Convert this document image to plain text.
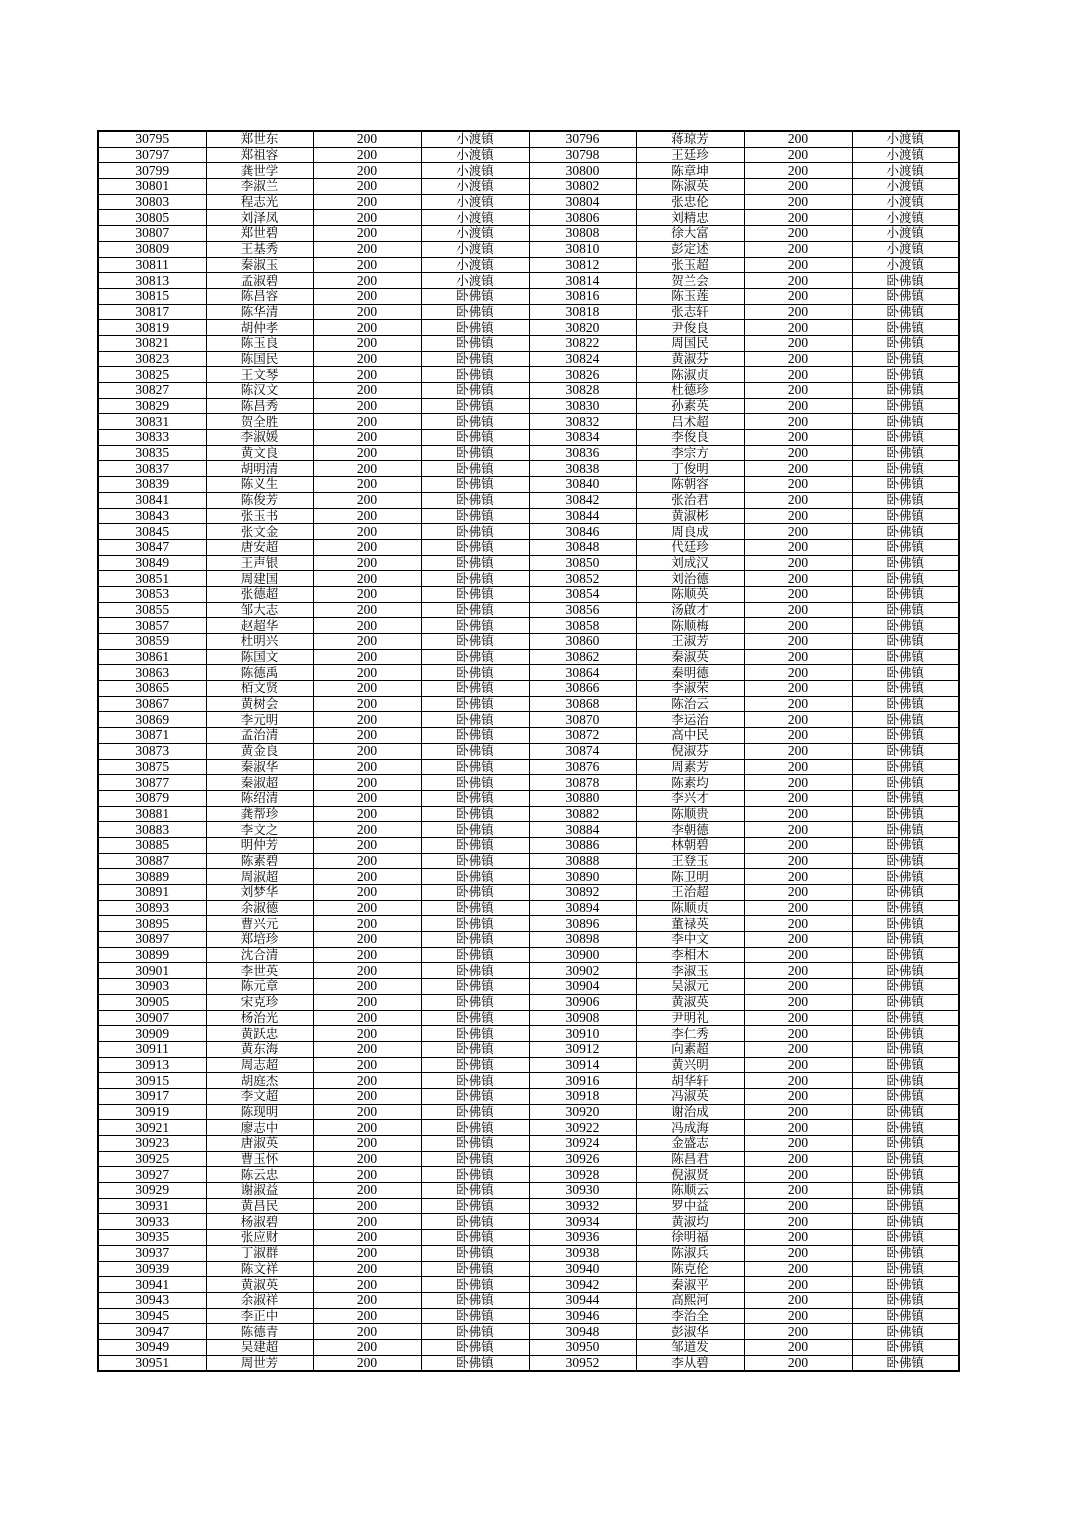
30795	郑世东	200	小渡镇	30796	蒋琼芳	200	小渡镇
30797	郑祖容	200	小渡镇	30798	王廷珍	200	小渡镇
30799	龚世学	200	小渡镇	30800	陈章坤	200	小渡镇
30801	李淑兰	200	小渡镇	30802	陈淑英	200	小渡镇
30803	程志光	200	小渡镇	30804	张忠伦	200	小渡镇
30805	刘泽凤	200	小渡镇	30806	刘精忠	200	小渡镇
30807	郑世碧	200	小渡镇	30808	徐大富	200	小渡镇
30809	王基秀	200	小渡镇	30810	彭定述	200	小渡镇
30811	秦淑玉	200	小渡镇	30812	张玉超	200	小渡镇
30813	孟淑碧	200	小渡镇	30814	贺兰会	200	卧佛镇
30815	陈昌容	200	卧佛镇	30816	陈玉莲	200	卧佛镇
30817	陈华清	200	卧佛镇	30818	张志轩	200	卧佛镇
30819	胡仲孝	200	卧佛镇	30820	尹俊良	200	卧佛镇
30821	陈玉良	200	卧佛镇	30822	周国民	200	卧佛镇
30823	陈国民	200	卧佛镇	30824	黄淑芬	200	卧佛镇
30825	王文琴	200	卧佛镇	30826	陈淑贞	200	卧佛镇
30827	陈汉文	200	卧佛镇	30828	杜德珍	200	卧佛镇
30829	陈昌秀	200	卧佛镇	30830	孙素英	200	卧佛镇
30831	贺全胜	200	卧佛镇	30832	吕术超	200	卧佛镇
30833	李淑媛	200	卧佛镇	30834	李俊良	200	卧佛镇
30835	黄文良	200	卧佛镇	30836	李宗方	200	卧佛镇
30837	胡明清	200	卧佛镇	30838	丁俊明	200	卧佛镇
30839	陈义生	200	卧佛镇	30840	陈朝容	200	卧佛镇
30841	陈俊芳	200	卧佛镇	30842	张治君	200	卧佛镇
30843	张玉书	200	卧佛镇	30844	黄淑彬	200	卧佛镇
30845	张文金	200	卧佛镇	30846	周良成	200	卧佛镇
30847	唐安超	200	卧佛镇	30848	代廷珍	200	卧佛镇
30849	王声银	200	卧佛镇	30850	刘成汉	200	卧佛镇
30851	周建国	200	卧佛镇	30852	刘治德	200	卧佛镇
30853	张德超	200	卧佛镇	30854	陈顺英	200	卧佛镇
30855	邹大志	200	卧佛镇	30856	汤啟才	200	卧佛镇
30857	赵超华	200	卧佛镇	30858	陈顺梅	200	卧佛镇
30859	杜明兴	200	卧佛镇	30860	王淑芳	200	卧佛镇
30861	陈国文	200	卧佛镇	30862	秦淑英	200	卧佛镇
30863	陈德禹	200	卧佛镇	30864	秦明德	200	卧佛镇
30865	栢文贤	200	卧佛镇	30866	李淑荣	200	卧佛镇
30867	黄树会	200	卧佛镇	30868	陈治云	200	卧佛镇
30869	李元明	200	卧佛镇	30870	李运治	200	卧佛镇
30871	孟治清	200	卧佛镇	30872	高中民	200	卧佛镇
30873	黄金良	200	卧佛镇	30874	倪淑芬	200	卧佛镇
30875	秦淑华	200	卧佛镇	30876	周素芳	200	卧佛镇
30877	秦淑超	200	卧佛镇	30878	陈素均	200	卧佛镇
30879	陈绍清	200	卧佛镇	30880	李兴才	200	卧佛镇
30881	龚帮珍	200	卧佛镇	30882	陈顺贵	200	卧佛镇
30883	李文之	200	卧佛镇	30884	李朝德	200	卧佛镇
30885	明仲芳	200	卧佛镇	30886	林朝碧	200	卧佛镇
30887	陈素碧	200	卧佛镇	30888	王登玉	200	卧佛镇
30889	周淑超	200	卧佛镇	30890	陈卫明	200	卧佛镇
30891	刘梦华	200	卧佛镇	30892	王治超	200	卧佛镇
30893	余淑德	200	卧佛镇	30894	陈顺贞	200	卧佛镇
30895	曹兴元	200	卧佛镇	30896	董禄英	200	卧佛镇
30897	郑培珍	200	卧佛镇	30898	李中文	200	卧佛镇
30899	沈合清	200	卧佛镇	30900	李相木	200	卧佛镇
30901	李世英	200	卧佛镇	30902	李淑玉	200	卧佛镇
30903	陈元章	200	卧佛镇	30904	吴淑元	200	卧佛镇
30905	宋克珍	200	卧佛镇	30906	黄淑英	200	卧佛镇
30907	杨治光	200	卧佛镇	30908	尹明礼	200	卧佛镇
30909	黄跃忠	200	卧佛镇	30910	李仁秀	200	卧佛镇
30911	黄东海	200	卧佛镇	30912	向素超	200	卧佛镇
30913	周志超	200	卧佛镇	30914	黄兴明	200	卧佛镇
30915	胡庭杰	200	卧佛镇	30916	胡华轩	200	卧佛镇
30917	李文超	200	卧佛镇	30918	冯淑英	200	卧佛镇
30919	陈现明	200	卧佛镇	30920	谢治成	200	卧佛镇
30921	廖志中	200	卧佛镇	30922	冯成海	200	卧佛镇
30923	唐淑英	200	卧佛镇	30924	金盛志	200	卧佛镇
30925	曹玉怀	200	卧佛镇	30926	陈昌君	200	卧佛镇
30927	陈云忠	200	卧佛镇	30928	倪淑贤	200	卧佛镇
30929	谢淑益	200	卧佛镇	30930	陈顺云	200	卧佛镇
30931	黄昌民	200	卧佛镇	30932	罗中益	200	卧佛镇
30933	杨淑碧	200	卧佛镇	30934	黄淑均	200	卧佛镇
30935	张应财	200	卧佛镇	30936	徐明福	200	卧佛镇
30937	丁淑群	200	卧佛镇	30938	陈淑兵	200	卧佛镇
30939	陈文祥	200	卧佛镇	30940	陈克伦	200	卧佛镇
30941	黄淑英	200	卧佛镇	30942	秦淑平	200	卧佛镇
30943	余淑祥	200	卧佛镇	30944	高熙河	200	卧佛镇
30945	李正中	200	卧佛镇	30946	李治全	200	卧佛镇
30947	陈德青	200	卧佛镇	30948	彭淑华	200	卧佛镇
30949	吴建超	200	卧佛镇	30950	邹道发	200	卧佛镇
30951	周世芳	200	卧佛镇	30952	李从碧	200	卧佛镇
